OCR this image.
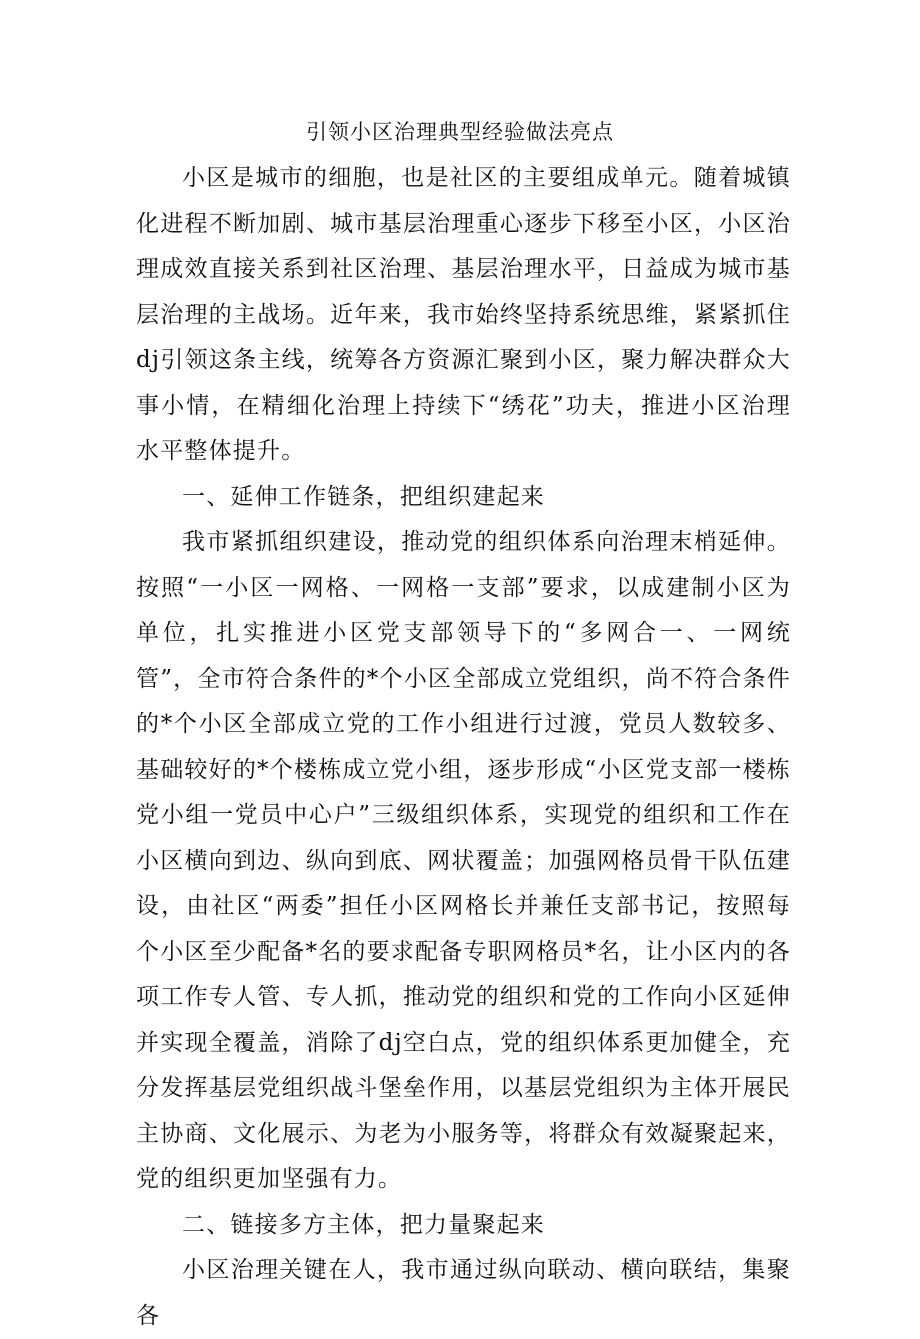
引领小区治理典型经验做法亮点

小区是城市的细胞，也是社区的主要组成单元。随着城镇化进程不断加剧、城市基层治理重心逐步下移至小区，小区治理成效直接关系到社区治理、基层治理水平，日益成为城市基层治理的主战场。近年来，我市始终坚持系统思维，紧紧抓住dj引领这条主线，统筹各方资源汇聚到小区，聚力解决群众大事小情，在精细化治理上持续下“绣花”功夫，推进小区治理水平整体提升。

一、延伸工作链条，把组织建起来

我市紧抓组织建设，推动党的组织体系向治理末梢延伸。按照“一小区一网格、一网格一支部”要求，以成建制小区为单位，扎实推进小区党支部领导下的“多网合一、一网统管”，全市符合条件的*个小区全部成立党组织，尚不符合条件的*个小区全部成立党的工作小组进行过渡，党员人数较多、基础较好的*个楼栋成立党小组，逐步形成“小区党支部一楼栋党小组一党员中心户”三级组织体系，实现党的组织和工作在小区横向到边、纵向到底、网状覆盖；加强网格员骨干队伍建设，由社区“两委”担任小区网格长并兼任支部书记，按照每个小区至少配备*名的要求配备专职网格员*名，让小区内的各项工作专人管、专人抓，推动党的组织和党的工作向小区延伸并实现全覆盖，消除了dj空白点，党的组织体系更加健全，充分发挥基层党组织战斗堡垒作用，以基层党组织为主体开展民主协商、文化展示、为老为小服务等，将群众有效凝聚起来，党的组织更加坚强有力。

二、链接多方主体，把力量聚起来

小区治理关键在人，我市通过纵向联动、横向联结，集聚各
